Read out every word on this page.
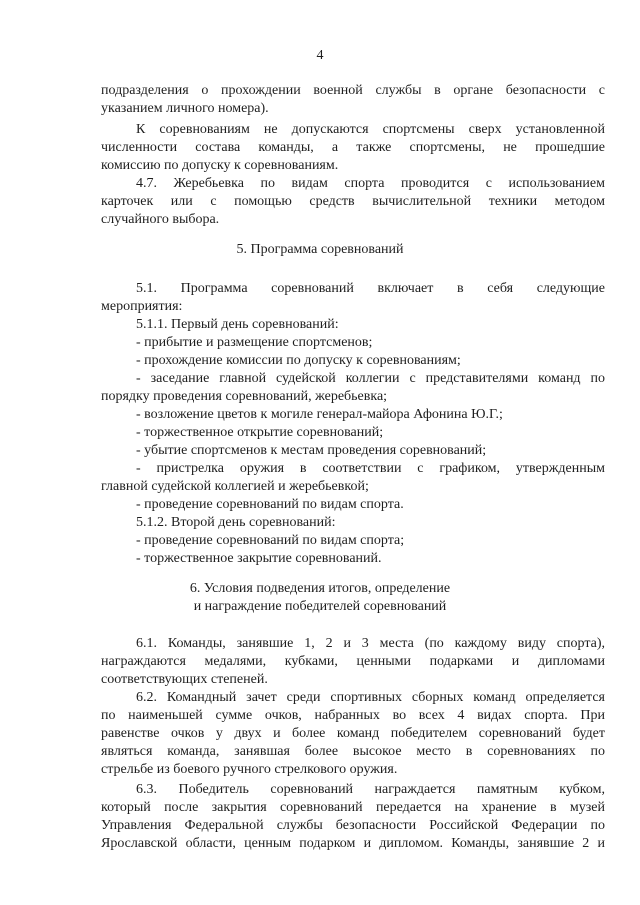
4
подразделения о прохождении военной службы в органе безопасности с
указанием личного номера).
К соревнованиям не допускаются спортсмены сверх установленной
численности состава команды, а также спортсмены, не прошедшие
комиссию по допуску к соревнованиям.
4.7. Жеребьевка по видам спорта проводится с использованием
карточек или с помощью средств вычислительной техники методом
случайного выбора.
5. Программа соревнований
5.1. Программа соревнований включает в себя следующие
мероприятия:
5.1.1. Первый день соревнований:
- прибытие и размещение спортсменов;
- прохождение комиссии по допуску к соревнованиям;
- заседание главной судейской коллегии с представителями команд по
порядку проведения соревнований, жеребьевка;
- возложение цветов к могиле генерал-майора Афонина Ю.Г.;
- торжественное открытие соревнований;
- убытие спортсменов к местам проведения соревнований;
- пристрелка оружия в соответствии с графиком, утвержденным
главной судейской коллегией и жеребьевкой;
- проведение соревнований по видам спорта.
5.1.2. Второй день соревнований:
- проведение соревнований по видам спорта;
- торжественное закрытие соревнований.
6. Условия подведения итогов, определение
и награждение победителей соревнований
6.1. Команды, занявшие 1, 2 и 3 места (по каждому виду спорта),
награждаются медалями, кубками, ценными подарками и дипломами
соответствующих степеней.
6.2. Командный зачет среди спортивных сборных команд определяется
по наименьшей сумме очков, набранных во всех 4 видах спорта. При
равенстве очков у двух и более команд победителем соревнований будет
являться команда, занявшая более высокое место в соревнованиях по
стрельбе из боевого ручного стрелкового оружия.
6.3. Победитель соревнований награждается памятным кубком,
который после закрытия соревнований передается на хранение в музей
Управления Федеральной службы безопасности Российской Федерации по
Ярославской области, ценным подарком и дипломом. Команды, занявшие 2 и
